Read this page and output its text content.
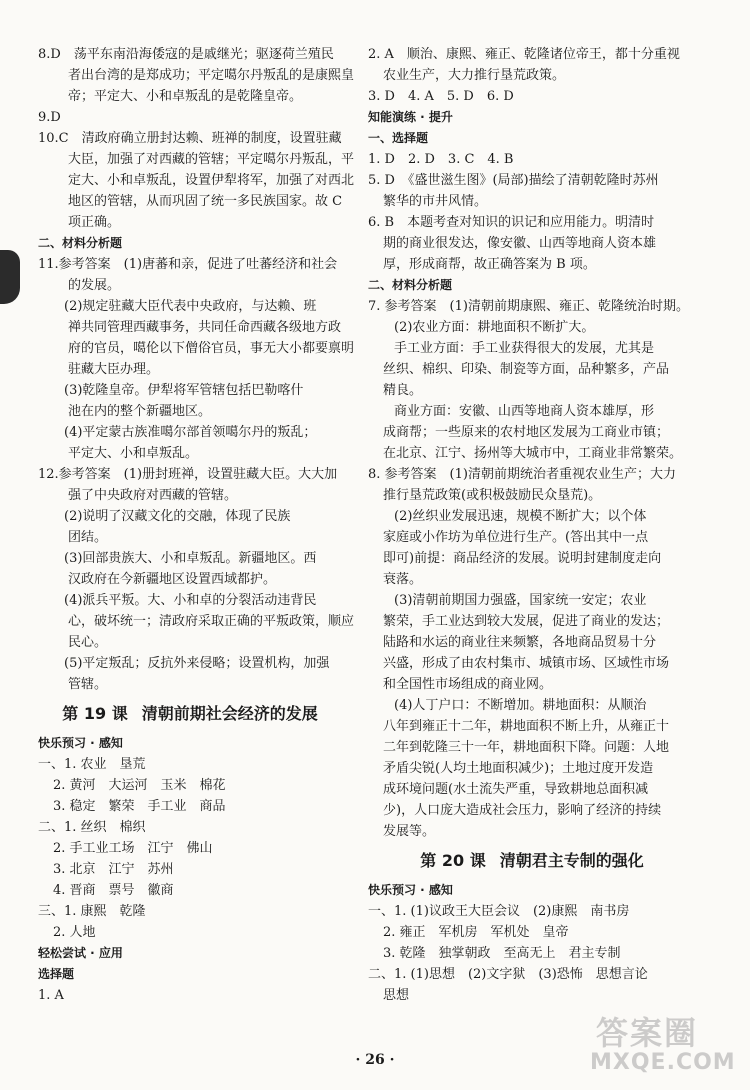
8.D　荡平东南沿海倭寇的是戚继光；驱逐荷兰殖民
者出台湾的是郑成功；平定噶尔丹叛乱的是康熙皇
帝；平定大、小和卓叛乱的是乾隆皇帝。
9.D
10.C　清政府确立册封达赖、班禅的制度，设置驻藏
大臣，加强了对西藏的管辖；平定噶尔丹叛乱，平
定大、小和卓叛乱，设置伊犁将军，加强了对西北
地区的管辖，从而巩固了统一多民族国家。故 C
项正确。
二、材料分析题
11.参考答案　(1)唐蕃和亲，促进了吐蕃经济和社会
的发展。
(2)规定驻藏大臣代表中央政府，与达赖、班
禅共同管理西藏事务，共同任命西藏各级地方政
府的官员，噶伦以下僧俗官员，事无大小都要禀明
驻藏大臣办理。
(3)乾隆皇帝。伊犁将军管辖包括巴勒喀什
池在内的整个新疆地区。
(4)平定蒙古族准噶尔部首领噶尔丹的叛乱；
平定大、小和卓叛乱。
12.参考答案　(1)册封班禅，设置驻藏大臣。大大加
强了中央政府对西藏的管辖。
(2)说明了汉藏文化的交融，体现了民族
团结。
(3)回部贵族大、小和卓叛乱。新疆地区。西
汉政府在今新疆地区设置西域都护。
(4)派兵平叛。大、小和卓的分裂活动违背民
心，破坏统一；清政府采取正确的平叛政策，顺应
民心。
(5)平定叛乱；反抗外来侵略；设置机构，加强
管辖。
第 19 课 清朝前期社会经济的发展
快乐预习 · 感知
一、1. 农业　垦荒
2. 黄河　大运河　玉米　棉花
3. 稳定　繁荣　手工业　商品
二、1. 丝织　棉织
2. 手工业工场　江宁　佛山
3. 北京　江宁　苏州
4. 晋商　票号　徽商
三、1. 康熙　乾隆
2. 人地
轻松尝试 · 应用
选择题
1. A
2. A　顺治、康熙、雍正、乾隆诸位帝王，都十分重视
农业生产，大力推行垦荒政策。
3. D　4. A　5. D　6. D
知能演练 · 提升
一、选择题
1. D　2. D　3. C　4. B
5. D　《盛世滋生图》(局部)描绘了清朝乾隆时苏州
繁华的市井风情。
6. B　本题考查对知识的识记和应用能力。明清时
期的商业很发达，像安徽、山西等地商人资本雄
厚，形成商帮，故正确答案为 B 项。
二、材料分析题
7. 参考答案　(1)清朝前期康熙、雍正、乾隆统治时期。
(2)农业方面：耕地面积不断扩大。
手工业方面：手工业获得很大的发展，尤其是
丝织、棉织、印染、制瓷等方面，品种繁多，产品
精良。
商业方面：安徽、山西等地商人资本雄厚，形
成商帮；一些原来的农村地区发展为工商业市镇；
在北京、江宁、扬州等大城市中，工商业非常繁荣。
8. 参考答案　(1)清朝前期统治者重视农业生产；大力
推行垦荒政策(或积极鼓励民众垦荒)。
(2)丝织业发展迅速，规模不断扩大；以个体
家庭或小作坊为单位进行生产。(答出其中一点
即可)前提：商品经济的发展。说明封建制度走向
衰落。
(3)清朝前期国力强盛，国家统一安定；农业
繁荣，手工业达到较大发展，促进了商业的发达；
陆路和水运的商业往来频繁，各地商品贸易十分
兴盛，形成了由农村集市、城镇市场、区域性市场
和全国性市场组成的商业网。
(4)人丁户口：不断增加。耕地面积：从顺治
八年到雍正十二年，耕地面积不断上升，从雍正十
二年到乾隆三十一年，耕地面积下降。问题：人地
矛盾尖锐(人均土地面积减少)；土地过度开发造
成环境问题(水土流失严重，导致耕地总面积减
少)，人口庞大造成社会压力，影响了经济的持续
发展等。
第 20 课 清朝君主专制的强化
快乐预习 · 感知
一、1. (1)议政王大臣会议　(2)康熙　南书房
2. 雍正　军机房　军机处　皇帝
3. 乾隆　独掌朝政　至高无上　君主专制
二、1. (1)思想　(2)文字狱　(3)恐怖　思想言论
思想
· 26 ·
答案圈
MXQE.COM
